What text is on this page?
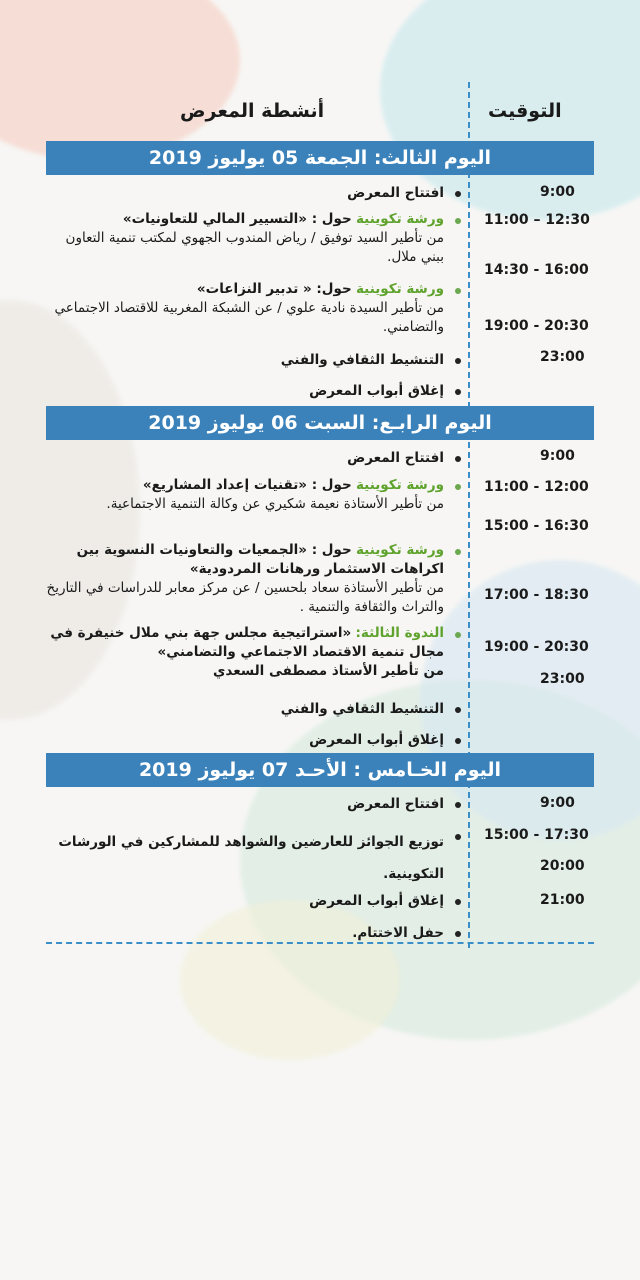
التوقيت
أنشطة المعرض
اليوم الثالث: الجمعة 05 يوليوز 2019
9:00
11:00 – 12:30
14:30 - 16:00
19:00 - 20:30
23:00
افتتاح المعرض
ورشة تكوينية حول : «التسيير المالي للتعاونيات»
من تأطير السيد توفيق / رياض المندوب الجهوي لمكتب تنمية التعاون ببني ملال.
ورشة تكوينية حول: « تدبير النزاعات»
من تأطير السيدة نادية علوي / عن الشبكة المغربية للاقتصاد الاجتماعي والتضامني.
التنشيط الثقافي والفني
إغلاق أبواب المعرض
اليوم الرابـع: السبت 06 يوليوز 2019
9:00
11:00 - 12:00
15:00 - 16:30
17:00 - 18:30
19:00 - 20:30
23:00
افتتاح المعرض
ورشة تكوينية حول : «تقنيات إعداد المشاريع»
من تأطير الأستاذة نعيمة شكيري عن وكالة التنمية الاجتماعية.
ورشة تكوينية حول : «الجمعيات والتعاونيات النسوية بين اكراهات الاستثمار ورهانات المردودية»
من تأطير الأستاذة سعاد بلحسين / عن مركز معابر للدراسات في التاريخ والتراث والثقافة والتنمية .
الندوة الثالثة: «استراتيجية مجلس جهة بني ملال خنيفرة في مجال تنمية الاقتصاد الاجتماعي والتضامني»
من تأطير الأستاذ مصطفى السعدي
التنشيط الثقافي والفني
إغلاق أبواب المعرض
اليوم الخـامس : الأحـد 07 يوليوز 2019
9:00
15:00 - 17:30
20:00
21:00
افتتاح المعرض
توزيع الجوائز للعارضين والشواهد للمشاركين في الورشات التكوينية.
إغلاق أبواب المعرض
حفل الاختتام.
